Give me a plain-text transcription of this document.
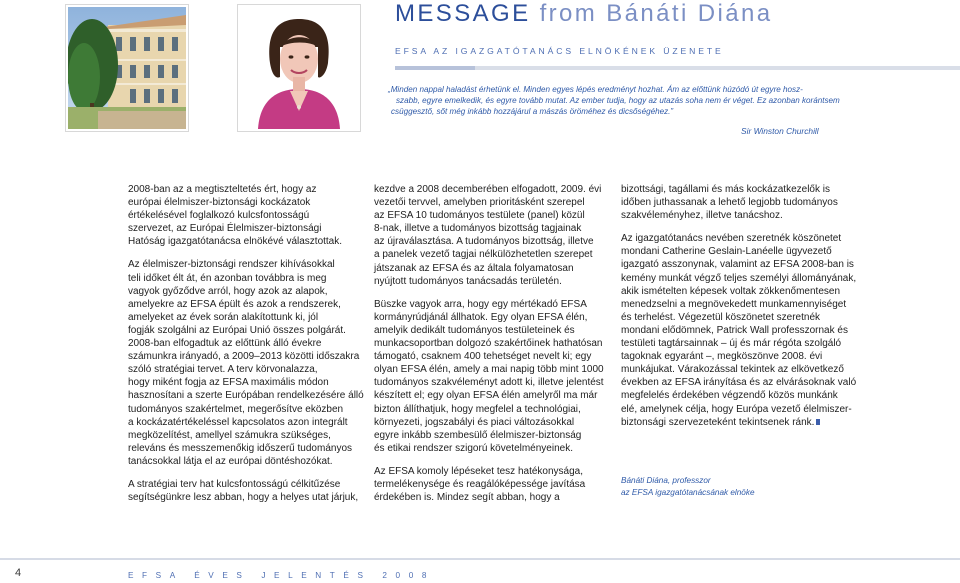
MESSAGE from Bánáti Diána
EFSA AZ IGAZGATÓTANÁCS ELNÖKÉNEK ÜZENETE

„Minden nappal haladást érhetünk el. Minden egyes lépés eredményt hozhat. Ám az előttünk húzódó út egyre hosz-

szabb, egyre emelkedik, és egyre tovább mutat. Az ember tudja, hogy az utazás soha nem ér véget. Ez azonban korántsem

csüggesztő, sőt még inkább hozzájárul a mászás öröméhez és dicsőségéhez.”

Sir Winston Churchill

2008-ban az a megtiszteltetés ért, hogy az

európai élelmiszer-biztonsági kockázatok

értékelésével foglalkozó kulcsfontosságú

szervezet, az Európai Élelmiszer-biztonsági

Hatóság igazgatótanácsa elnökévé választottak.

Az élelmiszer-biztonsági rendszer kihívásokkal

teli időket élt át, én azonban továbbra is meg

vagyok győződve arról, hogy azok az alapok,

amelyekre az EFSA épült és azok a rendszerek,

amelyeket az évek során alakítottunk ki, jól

fogják szolgálni az Európai Unió összes polgárát.

2008-ban elfogadtuk az előttünk álló évekre

számunkra irányadó, a 2009–2013 közötti időszakra

szóló stratégiai tervet. A terv körvonalazza,

hogy miként fogja az EFSA maximális módon

hasznosítani a szerte Európában rendelkezésére álló

tudományos szakértelmet, megerősítve eközben

a kockázatértékeléssel kapcsolatos azon integrált

megközelítést, amellyel számukra szükséges,

releváns és messzemenőkig időszerű tudományos

tanácsokkal látja el az európai döntéshozókat.

A stratégiai terv hat kulcsfontosságú célkitűzése

segítségünkre lesz abban, hogy a helyes utat járjuk,

kezdve a 2008 decemberében elfogadott, 2009. évi

vezetői tervvel, amelyben prioritásként szerepel

az EFSA 10 tudományos testülete (panel) közül

8-nak, illetve a tudományos bizottság tagjainak

az újraválasztása. A tudományos bizottság, illetve

a panelek vezető tagjai nélkülözhetetlen szerepet

játszanak az EFSA és az általa folyamatosan

nyújtott tudományos tanácsadás területén.

Büszke vagyok arra, hogy egy mértékadó EFSA

kormányrúdjánál állhatok. Egy olyan EFSA élén,

amelyik dedikált tudományos testületeinek és

munkacsoportban dolgozó szakértőinek hathatósan

támogató, csaknem 400 tehetséget nevelt ki; egy

olyan EFSA élén, amely a mai napig több mint 1000

tudományos szakvéleményt adott ki, illetve jelentést

készített el; egy olyan EFSA élén amelyről ma már

bizton állíthatjuk, hogy megfelel a technológiai,

környezeti, jogszabályi és piaci változásokkal

egyre inkább szembesülő élelmiszer-biztonság

és etikai rendszer szigorú követelményeinek.

Az EFSA komoly lépéseket tesz hatékonysága,

termelékenysége és reagálóképessége javítása

érdekében is. Mindez segít abban, hogy a

bizottsági, tagállami és más kockázatkezelők is

időben juthassanak a lehető legjobb tudományos

szakvéleményhez, illetve tanácshoz.

Az igazgatótanács nevében szeretnék köszönetet

mondani Catherine Geslain-Lanéelle ügyvezető

igazgató asszonynak, valamint az EFSA 2008-ban is

kemény munkát végző teljes személyi állományának,

akik ismételten képesek voltak zökkenőmentesen

menedzselni a megnövekedett munkamennyiséget

és terhelést. Végezetül köszönetet szeretnék

mondani elődömnek, Patrick Wall professzornak és

testületi tagtársainnak – új és már régóta szolgáló

tagoknak egyaránt –, megköszönve 2008. évi

munkájukat. Várakozással tekintek az elkövetkező

években az EFSA irányítása és az elvárásoknak való

megfelelés érdekében végzendő közös munkánk

elé, amelynek célja, hogy Európa vezető élelmiszer-

biztonsági szervezeteként tekintsenek ránk.

Bánáti Diána, professzor
az EFSA igazgatótanácsának elnöke
4	EFSA ÉVES JELENTÉS 2008
